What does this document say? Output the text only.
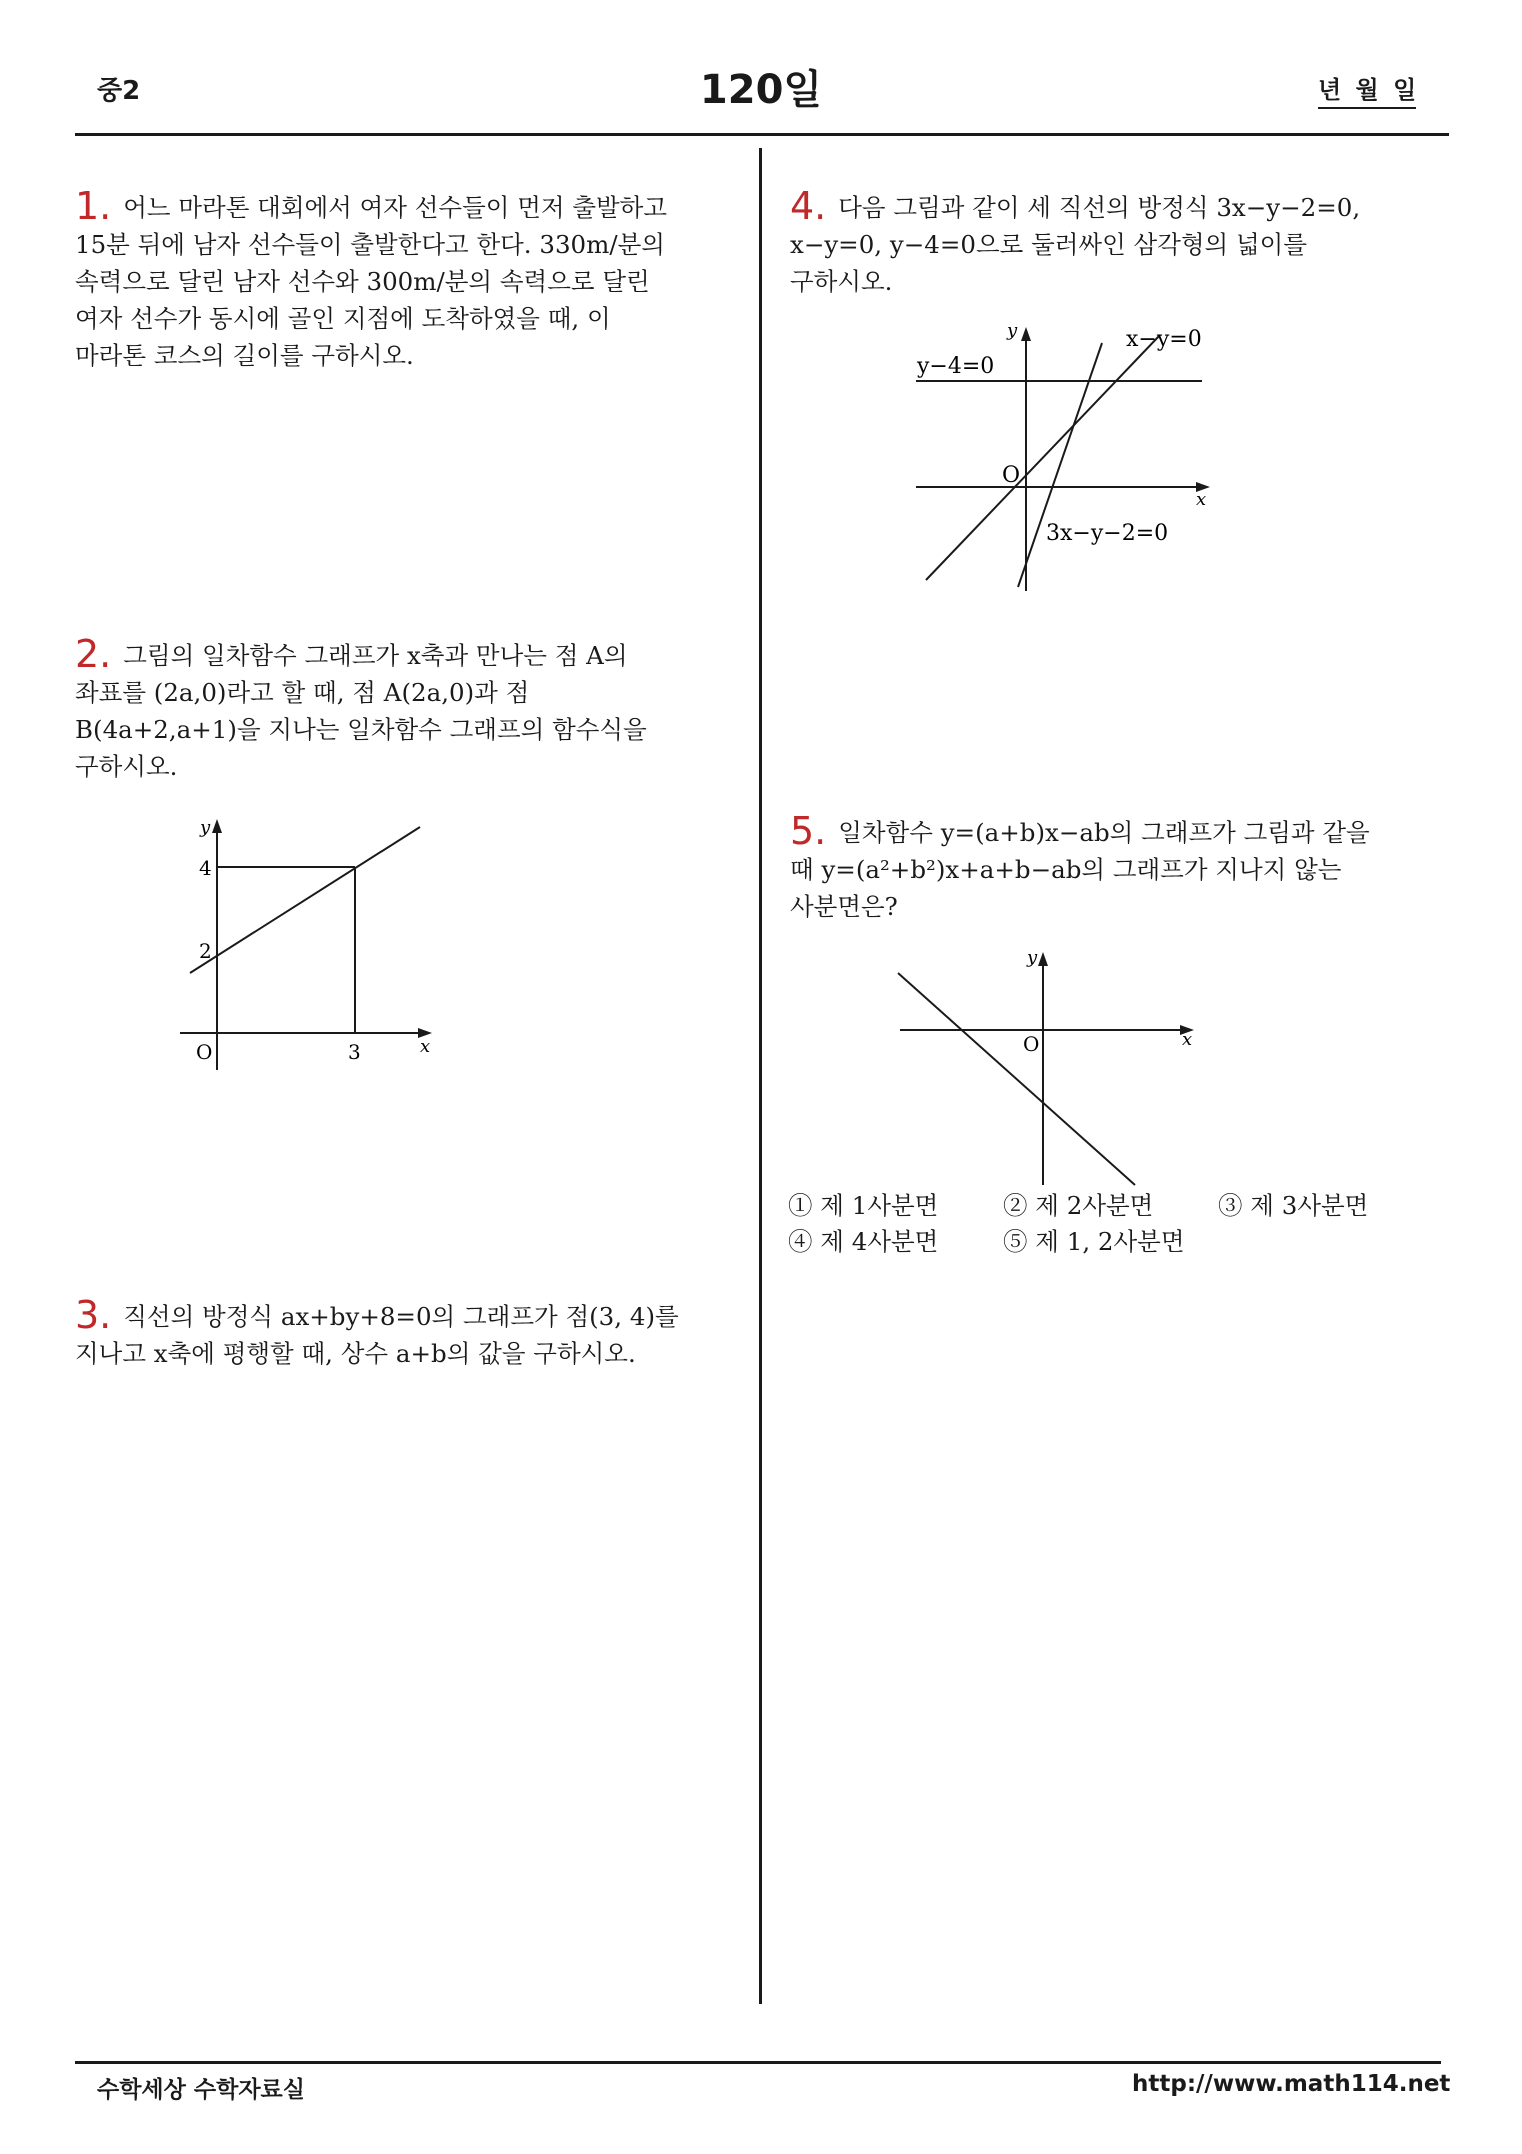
중2	120일	년 월 일
1. 어느 마라톤 대회에서 여자 선수들이 먼저 출발하고
15분 뒤에 남자 선수들이 출발한다고 한다. 330m/분의
속력으로 달린 남자 선수와 300m/분의 속력으로 달린
여자 선수가 동시에 골인 지점에 도착하였을 때, 이
마라톤 코스의 길이를 구하시오.
2. 그림의 일차함수 그래프가 x축과 만나는 점 A의
좌표를 (2a,0)라고 할 때, 점 A(2a,0)과 점
B(4a+2,a+1)을 지나는 일차함수 그래프의 함수식을
구하시오.
y
4
2
O	3	x
3. 직선의 방정식 ax+by+8=0의 그래프가 점(3, 4)를
지나고 x축에 평행할 때, 상수 a+b의 값을 구하시오.
4. 다음 그림과 같이 세 직선의 방정식 3x−y−2=0,
x−y=0, y−4=0으로 둘러싸인 삼각형의 넓이를
구하시오.
y
y−4=0
x−y=0
O
x
3x−y−2=0
5. 일차함수 y=(a+b)x−ab의 그래프가 그림과 같을
때 y=(a²+b²)x+a+b−ab의 그래프가 지나지 않는
사분면은?
y
O	x
① 제 1사분면	② 제 2사분면	③ 제 3사분면
④ 제 4사분면	⑤ 제 1, 2사분면
수학세상 수학자료실	http://www.math114.net
